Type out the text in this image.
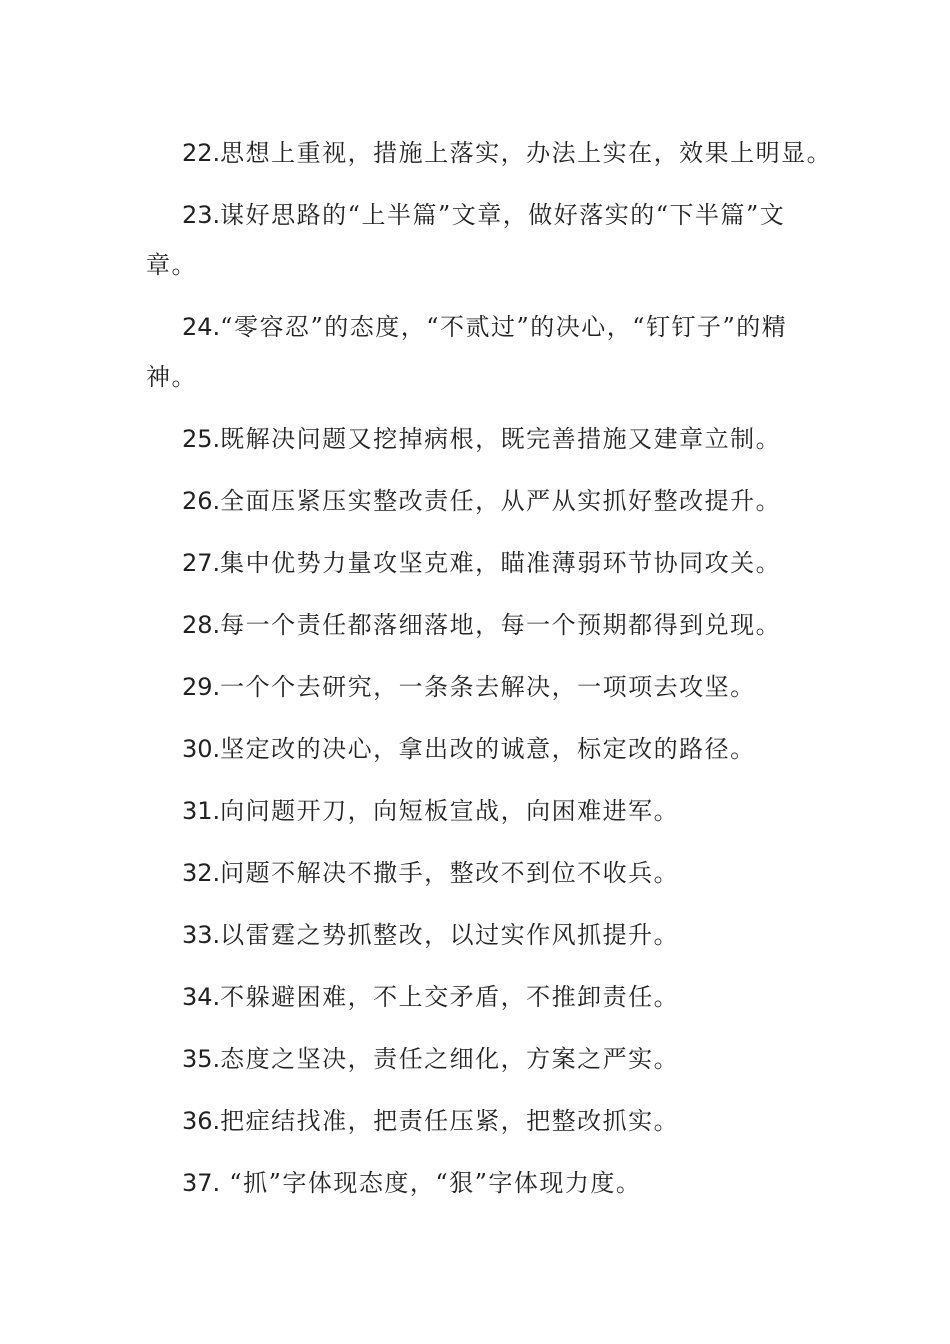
22.思想上重视，措施上落实，办法上实在，效果上明显。

23.谋好思路的“上半篇”文章，做好落实的“下半篇”文章。

24.“零容忍”的态度，“不贰过”的决心，“钉钉子”的精神。

25.既解决问题又挖掉病根，既完善措施又建章立制。

26.全面压紧压实整改责任，从严从实抓好整改提升。

27.集中优势力量攻坚克难，瞄准薄弱环节协同攻关。

28.每一个责任都落细落地，每一个预期都得到兑现。

29.一个个去研究，一条条去解决，一项项去攻坚。

30.坚定改的决心，拿出改的诚意，标定改的路径。

31.向问题开刀，向短板宣战，向困难进军。

32.问题不解决不撒手，整改不到位不收兵。

33.以雷霆之势抓整改，以过实作风抓提升。

34.不躲避困难，不上交矛盾，不推卸责任。

35.态度之坚决，责任之细化，方案之严实。

36.把症结找准，把责任压紧，把整改抓实。

37. “抓”字体现态度，“狠”字体现力度。
